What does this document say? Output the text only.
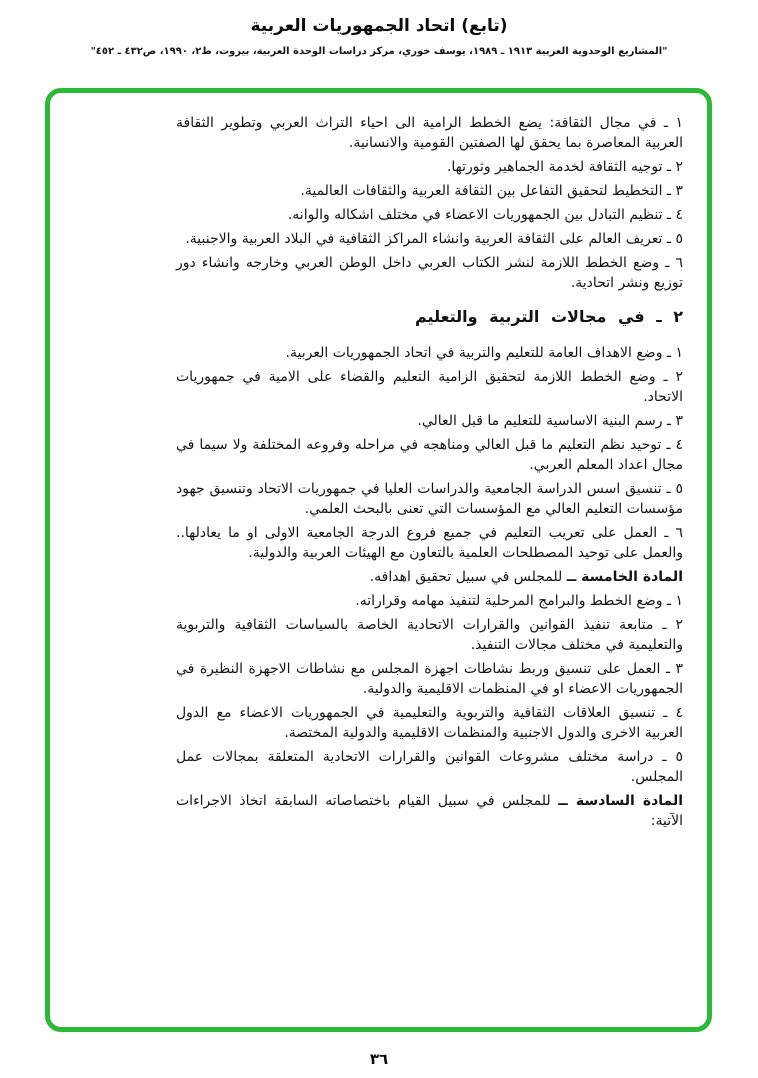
(تابع) اتحاد الجمهوريات العربية
"المشاريع الوحدوية العربية ١٩١٣ ـ ١٩٨٩، يوسف خوري، مركز دراسات الوحدة العربية، بيروت، ط٢، ١٩٩٠، ص٤٣٢ ـ ٤٥٢"

١ ـ في مجال الثقافة: يضع الخطط الرامية الى احياء التراث العربي وتطوير الثقافة العربية المعاصرة بما يحقق لها الصفتين القومية والانسانية.

٢ ـ توجيه الثقافة لخدمة الجماهير وثورتها.

٣ ـ التخطيط لتحقيق التفاعل بين الثقافة العربية والثقافات العالمية.

٤ ـ تنظيم التبادل بين الجمهوريات الاعضاء في مختلف اشكاله والوانه.

٥ ـ تعريف العالم على الثقافة العربية وانشاء المراكز الثقافية في البلاد العربية والاجنبية.

٦ ـ وضع الخطط اللازمة لنشر الكتاب العربي داخل الوطن العربي وخارجه وانشاء دور توزيع ونشر اتحادية.

٢ ـ في مجالات التربية والتعليم

١ ـ وضع الاهداف العامة للتعليم والتربية في اتحاد الجمهوريات العربية.

٢ ـ وضع الخطط اللازمة لتحقيق الزامية التعليم والقضاء على الامية في جمهوريات الاتحاد.

٣ ـ رسم البنية الاساسية للتعليم ما قبل العالي.

٤ ـ توحيد نظم التعليم ما قبل العالي ومناهجه في مراحله وفروعه المختلفة ولا سيما في مجال اعداد المعلم العربي.

٥ ـ تنسيق اسس الدراسة الجامعية والدراسات العليا في جمهوريات الاتحاد وتنسيق جهود مؤسسات التعليم العالي مع المؤسسات التي تعنى بالبحث العلمي.

٦ ـ العمل على تعريب التعليم في جميع فروع الدرجة الجامعية الاولى او ما يعادلها.. والعمل على توحيد المصطلحات العلمية بالتعاون مع الهيئات العربية والدولية.

المادة الخامسة ــ للمجلس في سبيل تحقيق اهدافه.

١ ـ وضع الخطط والبرامج المرحلية لتنفيذ مهامه وقراراته.

٢ ـ متابعة تنفيذ القوانين والقرارات الاتحادية الخاصة بالسياسات الثقافية والتربوية والتعليمية في مختلف مجالات التنفيذ.

٣ ـ العمل على تنسيق وربط نشاطات اجهزة المجلس مع نشاطات الاجهزة النظيرة في الجمهوريات الاعضاء او في المنظمات الاقليمية والدولية.

٤ ـ تنسيق العلاقات الثقافية والتربوية والتعليمية في الجمهوريات الاعضاء مع الدول العربية الاخرى والدول الاجنبية والمنظمات الاقليمية والدولية المختصة.

٥ ـ دراسة مختلف مشروعات القوانين والقرارات الاتحادية المتعلقة بمجالات عمل المجلس.

المادة السادسة ــ للمجلس في سبيل القيام باختصاصاته السابقة اتخاذ الاجراءات الآتية:

٣٦
